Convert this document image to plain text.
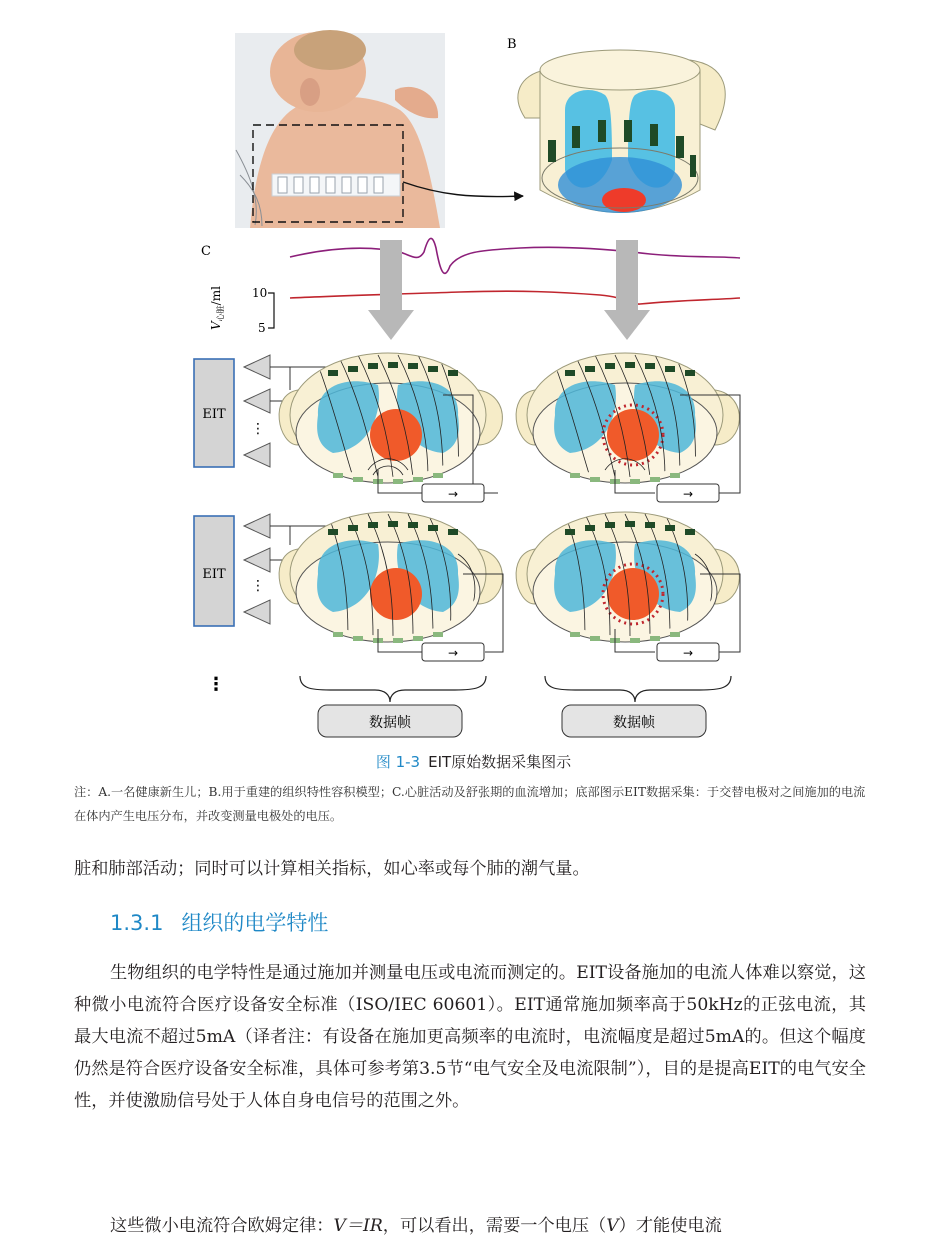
B
C
10
5
$V_{心脏}/ml$
EIT
⋮
EIT
⋮
⋮
→	→
→	→
数据帧	数据帧
图 1-3 EIT原始数据采集图示
注：A.一名健康新生儿；B.用于重建的组织特性容积模型；C.心脏活动及舒张期的血流增加；底部图示EIT数据采集：于交替电极对之间施加的电流在体内产生电压分布，并改变测量电极处的电压。
脏和肺部活动；同时可以计算相关指标，如心率或每个肺的潮气量。
1.3.1 组织的电学特性
生物组织的电学特性是通过施加并测量电压或电流而测定的。EIT设备施加的电流人体难以察觉，这种微小电流符合医疗设备安全标准（ISO/IEC 60601）。EIT通常施加频率高于50kHz的正弦电流，其最大电流不超过5mA（译者注：有设备在施加更高频率的电流时，电流幅度是超过5mA的。但这个幅度仍然是符合医疗设备安全标准，具体可参考第3.5节“电气安全及电流限制”），目的是提高EIT的电气安全性，并使激励信号处于人体自身电信号的范围之外。
这些微小电流符合欧姆定律：V＝IR，可以看出，需要一个电压（V）才能使电流
